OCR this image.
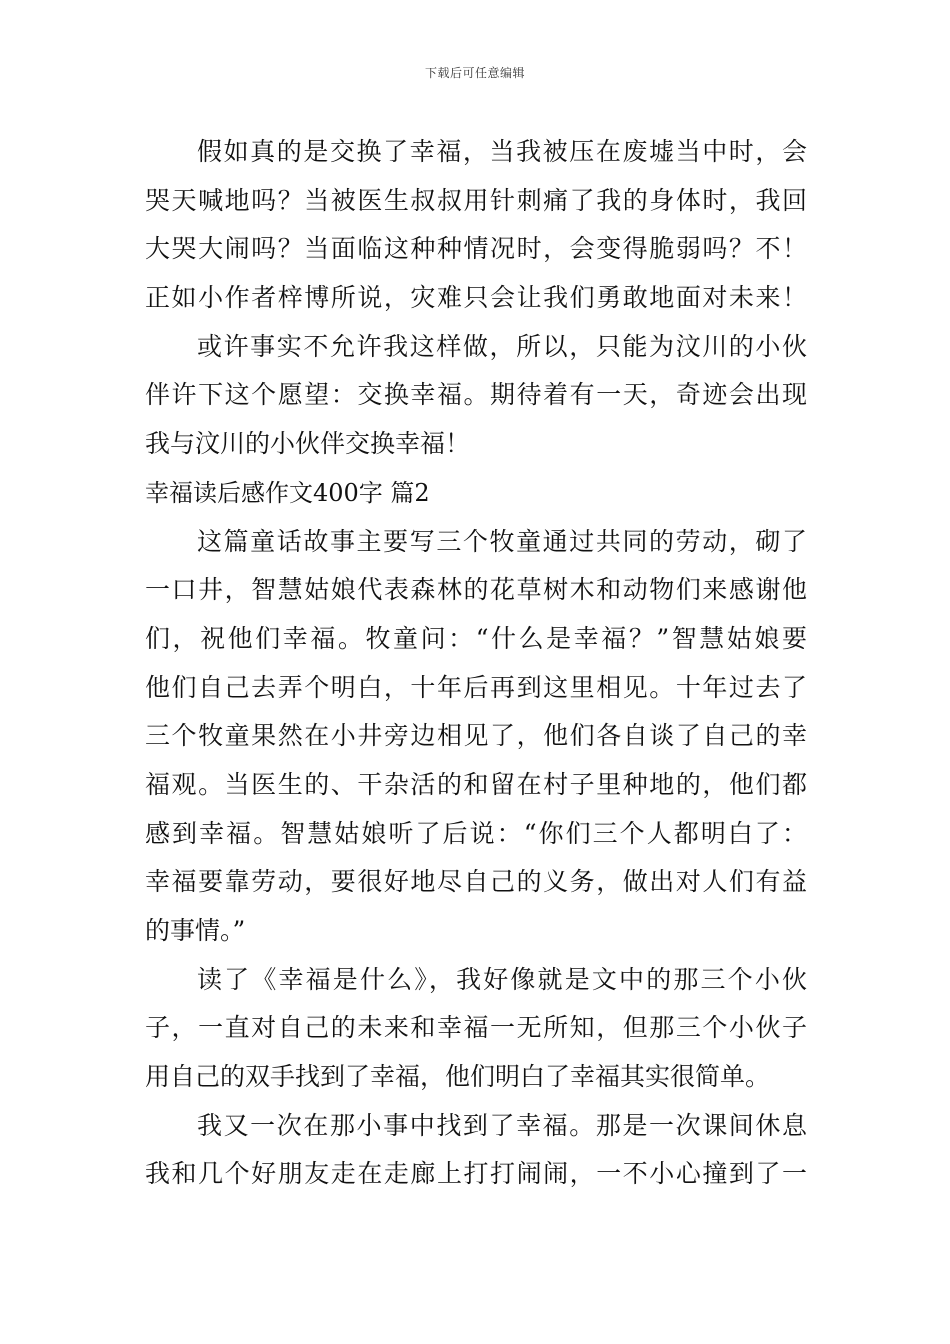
下载后可任意编辑
假如真的是交换了幸福，当我被压在废墟当中时，会
哭天喊地吗？当被医生叔叔用针刺痛了我的身体时，我回
大哭大闹吗？当面临这种种情况时，会变得脆弱吗？不！
正如小作者梓博所说，灾难只会让我们勇敢地面对未来！
或许事实不允许我这样做，所以，只能为汶川的小伙
伴许下这个愿望：交换幸福。期待着有一天，奇迹会出现
我与汶川的小伙伴交换幸福！
幸福读后感作文400字 篇2
这篇童话故事主要写三个牧童通过共同的劳动，砌了
一口井，智慧姑娘代表森林的花草树木和动物们来感谢他
们，祝他们幸福。牧童问：“什么是幸福？”智慧姑娘要
他们自己去弄个明白，十年后再到这里相见。十年过去了
三个牧童果然在小井旁边相见了，他们各自谈了自己的幸
福观。当医生的、干杂活的和留在村子里种地的，他们都
感到幸福。智慧姑娘听了后说：“你们三个人都明白了：
幸福要靠劳动，要很好地尽自己的义务，做出对人们有益
的事情。”
读了《幸福是什么》，我好像就是文中的那三个小伙
子，一直对自己的未来和幸福一无所知，但那三个小伙子
用自己的双手找到了幸福，他们明白了幸福其实很简单。
我又一次在那小事中找到了幸福。那是一次课间休息
我和几个好朋友走在走廊上打打闹闹，一不小心撞到了一
